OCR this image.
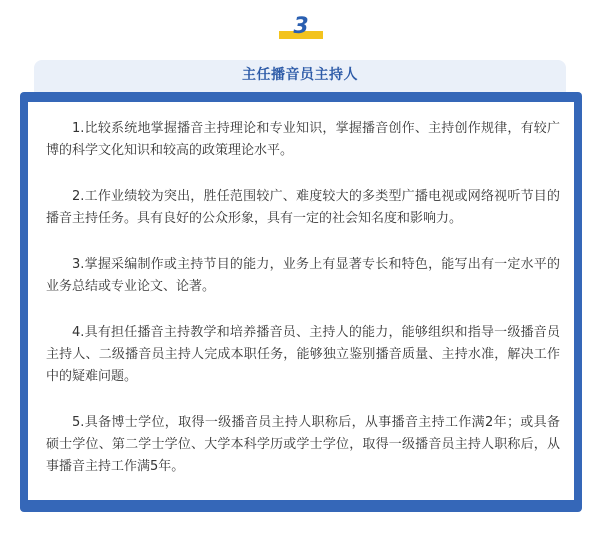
3
主任播音员主持人

1.比较系统地掌握播音主持理论和专业知识，掌握播音创作、主持创作规律，有较广博的科学文化知识和较高的政策理论水平。

2.工作业绩较为突出，胜任范围较广、难度较大的多类型广播电视或网络视听节目的播音主持任务。具有良好的公众形象，具有一定的社会知名度和影响力。

3.掌握采编制作或主持节目的能力，业务上有显著专长和特色，能写出有一定水平的业务总结或专业论文、论著。

4.具有担任播音主持教学和培养播音员、主持人的能力，能够组织和指导一级播音员主持人、二级播音员主持人完成本职任务，能够独立鉴别播音质量、主持水准，解决工作中的疑难问题。

5.具备博士学位，取得一级播音员主持人职称后，从事播音主持工作满2年；或具备硕士学位、第二学士学位、大学本科学历或学士学位，取得一级播音员主持人职称后，从事播音主持工作满5年。
